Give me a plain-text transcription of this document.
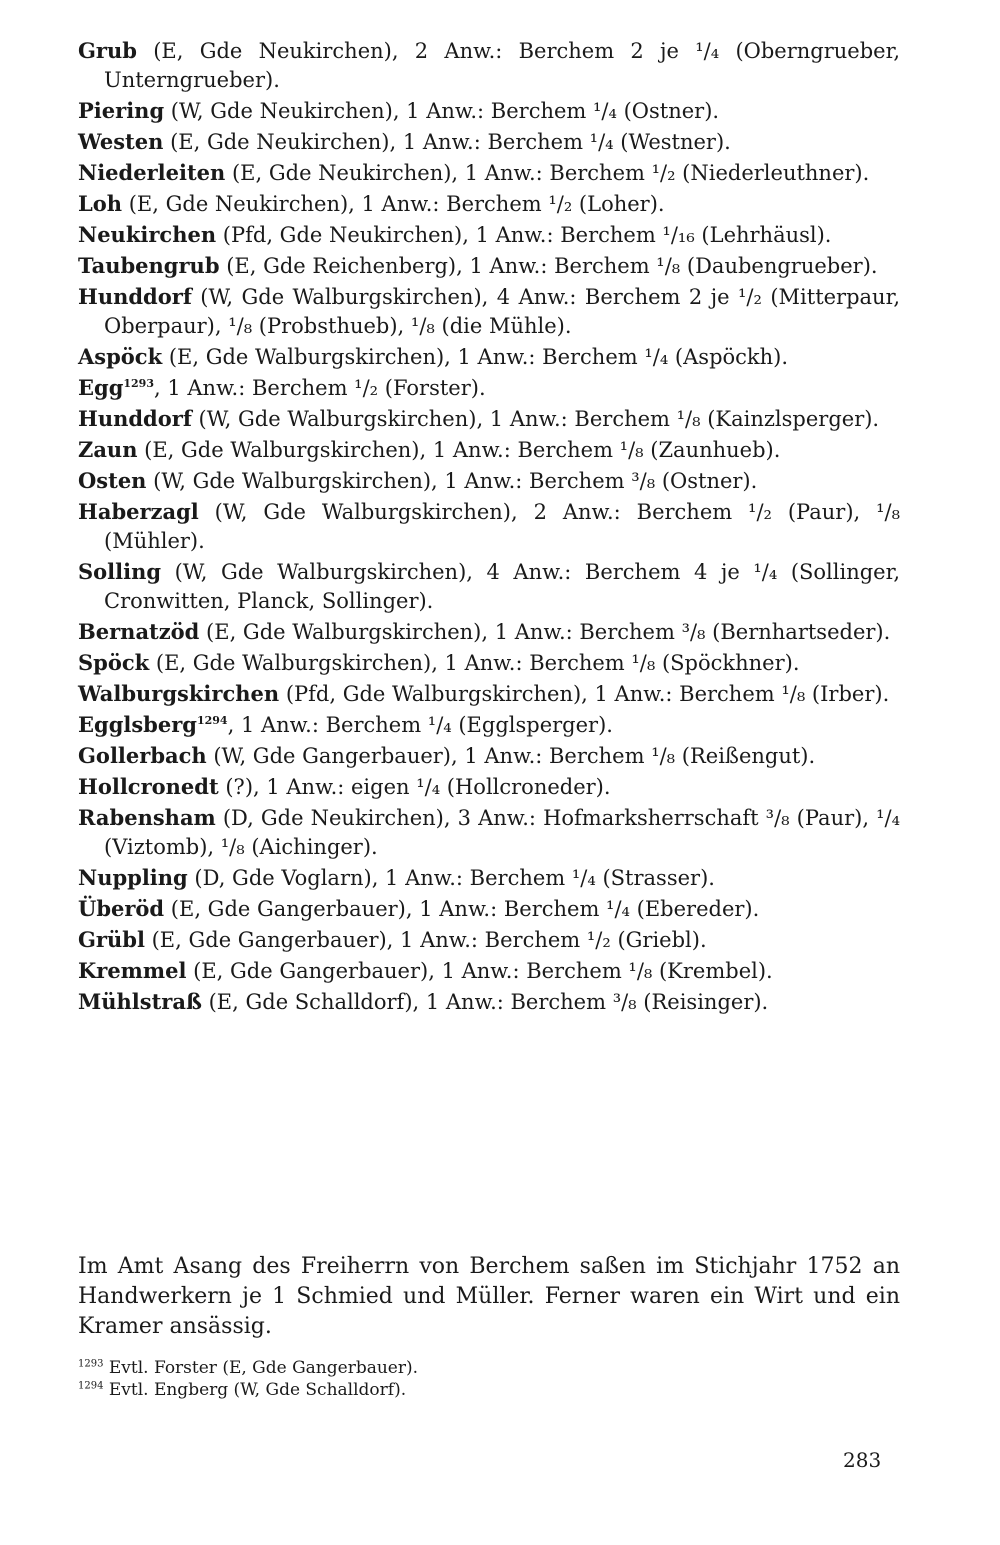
Grub (E, Gde Neukirchen), 2 Anw.: Berchem 2 je ¹/₄ (Oberngrueber, Unterngrueber).

Piering (W, Gde Neukirchen), 1 Anw.: Berchem ¹/₄ (Ostner).

Westen (E, Gde Neukirchen), 1 Anw.: Berchem ¹/₄ (Westner).

Niederleiten (E, Gde Neukirchen), 1 Anw.: Berchem ¹/₂ (Niederleuthner).

Loh (E, Gde Neukirchen), 1 Anw.: Berchem ¹/₂ (Loher).

Neukirchen (Pfd, Gde Neukirchen), 1 Anw.: Berchem ¹/₁₆ (Lehrhäusl).

Taubengrub (E, Gde Reichenberg), 1 Anw.: Berchem ¹/₈ (Daubengrueber).

Hunddorf (W, Gde Walburgskirchen), 4 Anw.: Berchem 2 je ¹/₂ (Mitterpaur, Oberpaur), ¹/₈ (Probsthueb), ¹/₈ (die Mühle).

Aspöck (E, Gde Walburgskirchen), 1 Anw.: Berchem ¹/₄ (Aspöckh).

Egg$^{1293}$, 1 Anw.: Berchem ¹/₂ (Forster).

Hunddorf (W, Gde Walburgskirchen), 1 Anw.: Berchem ¹/₈ (Kainzlsperger).

Zaun (E, Gde Walburgskirchen), 1 Anw.: Berchem ¹/₈ (Zaunhueb).

Osten (W, Gde Walburgskirchen), 1 Anw.: Berchem ³/₈ (Ostner).

Haberzagl (W, Gde Walburgskirchen), 2 Anw.: Berchem ¹/₂ (Paur), ¹/₈ (Mühler).

Solling (W, Gde Walburgskirchen), 4 Anw.: Berchem 4 je ¹/₄ (Sollinger, Cronwitten, Planck, Sollinger).

Bernatzöd (E, Gde Walburgskirchen), 1 Anw.: Berchem ³/₈ (Bernhartseder).

Spöck (E, Gde Walburgskirchen), 1 Anw.: Berchem ¹/₈ (Spöckhner).

Walburgskirchen (Pfd, Gde Walburgskirchen), 1 Anw.: Berchem ¹/₈ (Irber).

Egglsberg$^{1294}$, 1 Anw.: Berchem ¹/₄ (Egglsperger).

Gollerbach (W, Gde Gangerbauer), 1 Anw.: Berchem ¹/₈ (Reißengut).

Hollcronedt (?), 1 Anw.: eigen ¹/₄ (Hollcroneder).

Rabensham (D, Gde Neukirchen), 3 Anw.: Hofmarksherrschaft ³/₈ (Paur), ¹/₄ (Viztomb), ¹/₈ (Aichinger).

Nuppling (D, Gde Voglarn), 1 Anw.: Berchem ¹/₄ (Strasser).

Überöd (E, Gde Gangerbauer), 1 Anw.: Berchem ¹/₄ (Ebereder).

Grübl (E, Gde Gangerbauer), 1 Anw.: Berchem ¹/₂ (Griebl).

Kremmel (E, Gde Gangerbauer), 1 Anw.: Berchem ¹/₈ (Krembel).

Mühlstraß (E, Gde Schalldorf), 1 Anw.: Berchem ³/₈ (Reisinger).

Im Amt Asang des Freiherrn von Berchem saßen im Stichjahr 1752 an Handwerkern je 1 Schmied und Müller. Ferner waren ein Wirt und ein Kramer ansässig.

$^{1293}$ Evtl. Forster (E, Gde Gangerbauer).
$^{1294}$ Evtl. Engberg (W, Gde Schalldorf).
283
